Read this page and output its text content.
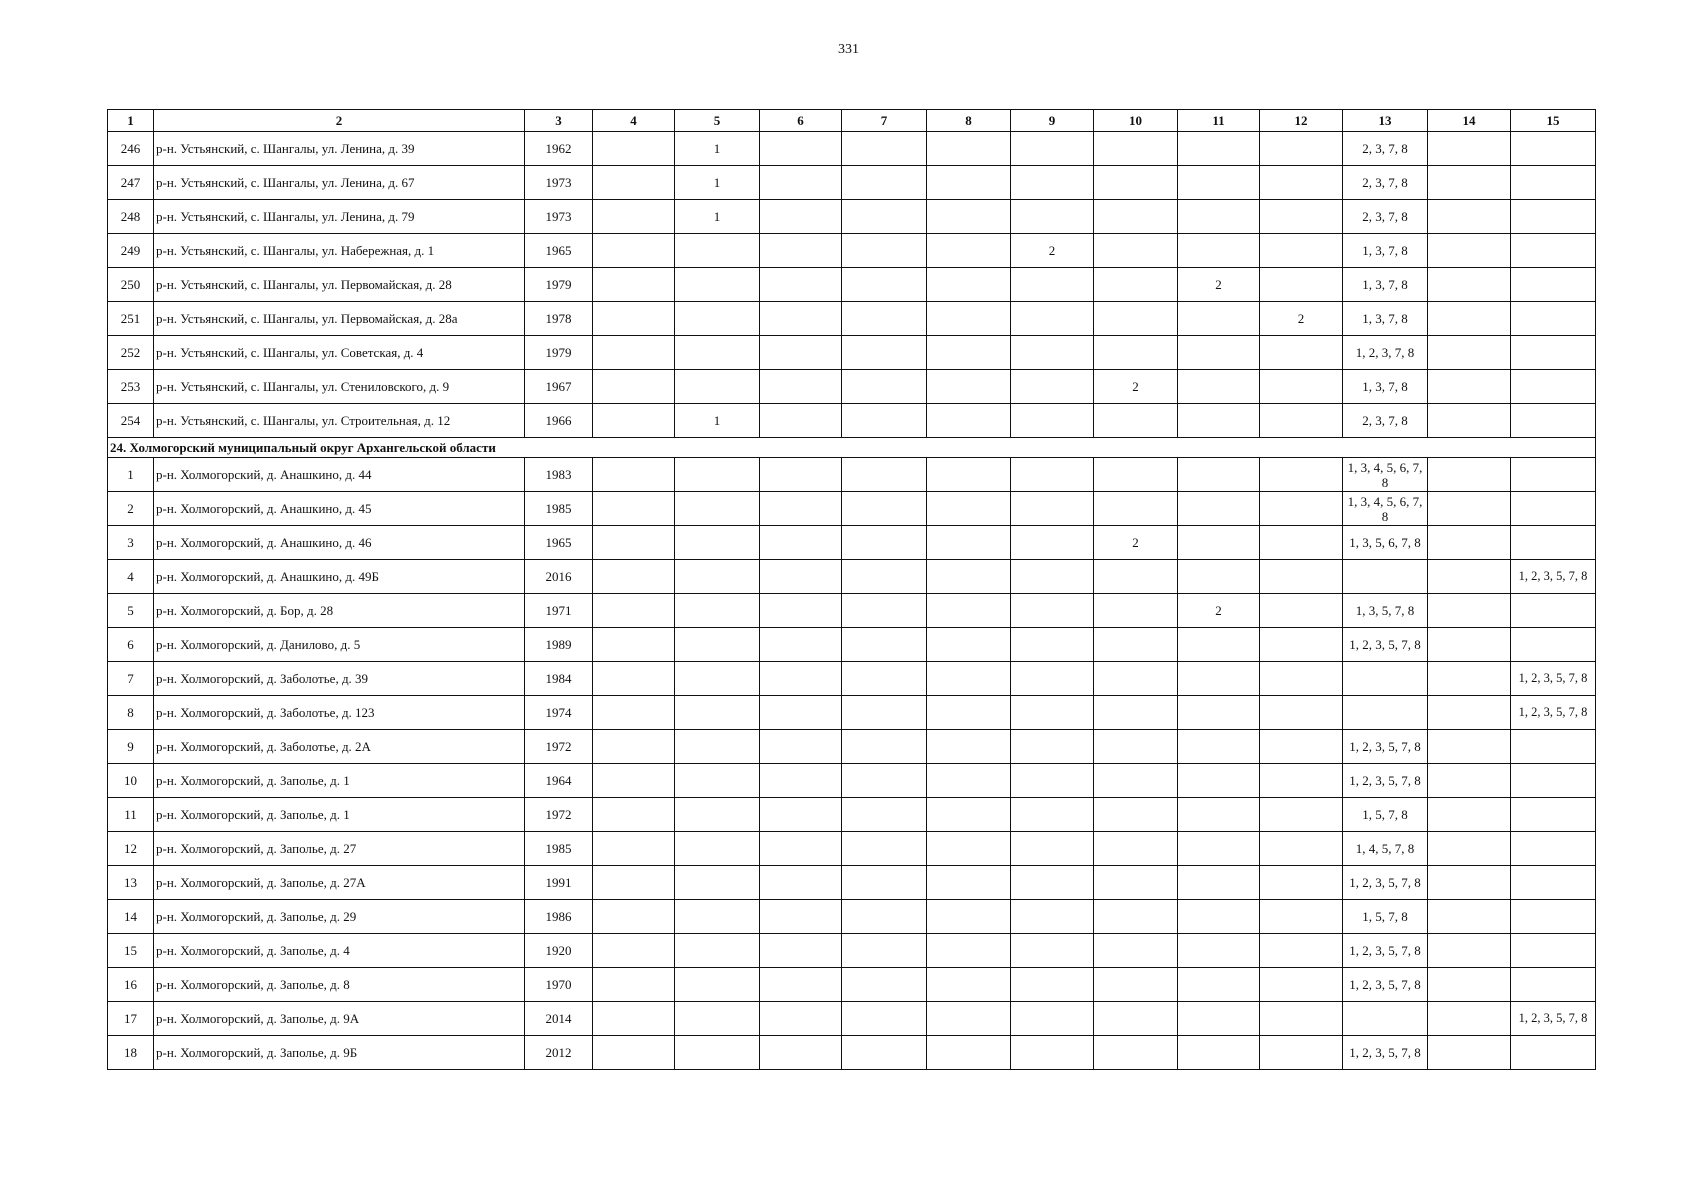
331
1	2	3	4	5	6	7	8	9	10	11	12	13	14	15
246	р-н. Устьянский, с. Шангалы, ул. Ленина, д. 39	1962		1								2, 3, 7, 8		
247	р-н. Устьянский, с. Шангалы, ул. Ленина, д. 67	1973		1								2, 3, 7, 8		
248	р-н. Устьянский, с. Шангалы, ул. Ленина, д. 79	1973		1								2, 3, 7, 8		
249	р-н. Устьянский, с. Шангалы, ул. Набережная, д. 1	1965						2				1, 3, 7, 8		
250	р-н. Устьянский, с. Шангалы, ул. Первомайская, д. 28	1979								2		1, 3, 7, 8		
251	р-н. Устьянский, с. Шангалы, ул. Первомайская, д. 28а	1978									2	1, 3, 7, 8		
252	р-н. Устьянский, с. Шангалы, ул. Советская, д. 4	1979										1, 2, 3, 7, 8		
253	р-н. Устьянский, с. Шангалы, ул. Стениловского, д. 9	1967							2			1, 3, 7, 8		
254	р-н. Устьянский, с. Шангалы, ул. Строительная, д. 12	1966		1								2, 3, 7, 8		
24. Холмогорский муниципальный округ Архангельской области														
1	р-н. Холмогорский, д. Анашкино, д. 44	1983										1, 3, 4, 5, 6, 7, 8		
2	р-н. Холмогорский, д. Анашкино, д. 45	1985										1, 3, 4, 5, 6, 7, 8		
3	р-н. Холмогорский, д. Анашкино, д. 46	1965							2			1, 3, 5, 6, 7, 8		
4	р-н. Холмогорский, д. Анашкино, д. 49Б	2016												1, 2, 3, 5, 7, 8
5	р-н. Холмогорский, д. Бор, д. 28	1971								2		1, 3, 5, 7, 8		
6	р-н. Холмогорский, д. Данилово, д. 5	1989										1, 2, 3, 5, 7, 8		
7	р-н. Холмогорский, д. Заболотье, д. 39	1984												1, 2, 3, 5, 7, 8
8	р-н. Холмогорский, д. Заболотье, д. 123	1974												1, 2, 3, 5, 7, 8
9	р-н. Холмогорский, д. Заболотье, д. 2А	1972										1, 2, 3, 5, 7, 8		
10	р-н. Холмогорский, д. Заполье, д. 1	1964										1, 2, 3, 5, 7, 8		
11	р-н. Холмогорский, д. Заполье, д. 1	1972										1, 5, 7, 8		
12	р-н. Холмогорский, д. Заполье, д. 27	1985										1, 4, 5, 7, 8		
13	р-н. Холмогорский, д. Заполье, д. 27А	1991										1, 2, 3, 5, 7, 8		
14	р-н. Холмогорский, д. Заполье, д. 29	1986										1, 5, 7, 8		
15	р-н. Холмогорский, д. Заполье, д. 4	1920										1, 2, 3, 5, 7, 8		
16	р-н. Холмогорский, д. Заполье, д. 8	1970										1, 2, 3, 5, 7, 8		
17	р-н. Холмогорский, д. Заполье, д. 9А	2014												1, 2, 3, 5, 7, 8
18	р-н. Холмогорский, д. Заполье, д. 9Б	2012										1, 2, 3, 5, 7, 8		
